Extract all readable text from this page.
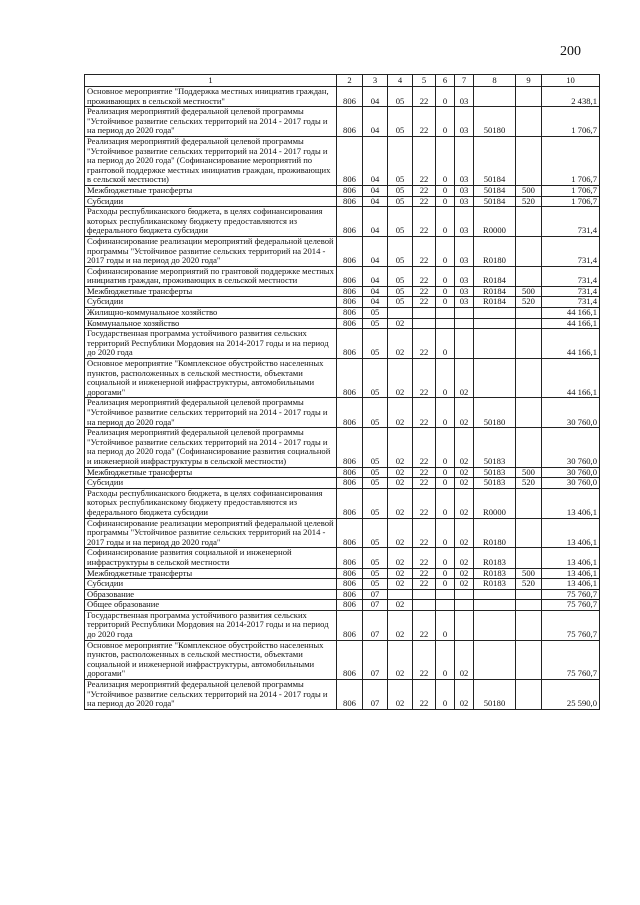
200
1	2	3	4	5	6	7	8	9	10
Основное мероприятие "Поддержка местных инициатив граждан, проживающих в сельской местности"	806	04	05	22	0	03			2 438,1
Реализация мероприятий федеральной целевой программы "Устойчивое развитие сельских территорий на 2014 - 2017 годы и на период до 2020 года"	806	04	05	22	0	03	50180		1 706,7
Реализация мероприятий федеральной целевой программы "Устойчивое развитие сельских территорий на 2014 - 2017 годы и на период до 2020 года" (Софинансирование мероприятий по грантовой поддержке местных инициатив граждан, проживающих в сельской местности)	806	04	05	22	0	03	50184		1 706,7
Межбюджетные трансферты	806	04	05	22	0	03	50184	500	1 706,7
Субсидии	806	04	05	22	0	03	50184	520	1 706,7
Расходы республиканского бюджета, в целях софинансирования которых республиканскому бюджету предоставляются из федерального бюджета субсидии	806	04	05	22	0	03	R0000		731,4
Софинансирование реализации мероприятий федеральной целевой программы "Устойчивое развитие сельских территорий на 2014 - 2017 годы и на период до 2020 года"	806	04	05	22	0	03	R0180		731,4
Софинансирование мероприятий по грантовой поддержке местных инициатив граждан, проживающих в сельской местности	806	04	05	22	0	03	R0184		731,4
Межбюджетные трансферты	806	04	05	22	0	03	R0184	500	731,4
Субсидии	806	04	05	22	0	03	R0184	520	731,4
Жилищно-коммунальное хозяйство	806	05							44 166,1
Коммунальное хозяйство	806	05	02						44 166,1
Государственная программа устойчивого развития сельских территорий Республики Мордовия на 2014-2017 годы и на период до 2020 года	806	05	02	22	0				44 166,1
Основное мероприятие "Комплексное обустройство населенных пунктов, расположенных в сельской местности, объектами социальной и инженерной инфраструктуры, автомобильными дорогами"	806	05	02	22	0	02			44 166,1
Реализация мероприятий федеральной целевой программы "Устойчивое развитие сельских территорий на 2014 - 2017 годы и на период до 2020 года"	806	05	02	22	0	02	50180		30 760,0
Реализация мероприятий федеральной целевой программы "Устойчивое развитие сельских территорий на 2014 - 2017 годы и на период до 2020 года" (Софинансирование развития социальной и инженерной инфраструктуры в сельской местности)	806	05	02	22	0	02	50183		30 760,0
Межбюджетные трансферты	806	05	02	22	0	02	50183	500	30 760,0
Субсидии	806	05	02	22	0	02	50183	520	30 760,0
Расходы республиканского бюджета, в целях софинансирования которых республиканскому бюджету предоставляются из федерального бюджета субсидии	806	05	02	22	0	02	R0000		13 406,1
Софинансирование реализации мероприятий федеральной целевой программы "Устойчивое развитие сельских территорий на 2014 - 2017 годы и на период до 2020 года"	806	05	02	22	0	02	R0180		13 406,1
Софинансирование развития социальной и инженерной инфраструктуры в сельской местности	806	05	02	22	0	02	R0183		13 406,1
Межбюджетные трансферты	806	05	02	22	0	02	R0183	500	13 406,1
Субсидии	806	05	02	22	0	02	R0183	520	13 406,1
Образование	806	07							75 760,7
Общее образование	806	07	02						75 760,7
Государственная программа устойчивого развития сельских территорий Республики Мордовия на 2014-2017 годы и на период до 2020 года	806	07	02	22	0				75 760,7
Основное мероприятие "Комплексное обустройство населенных пунктов, расположенных в сельской местности, объектами социальной и инженерной инфраструктуры, автомобильными дорогами"	806	07	02	22	0	02			75 760,7
Реализация мероприятий федеральной целевой программы "Устойчивое развитие сельских территорий на 2014 - 2017 годы и на период до 2020 года"	806	07	02	22	0	02	50180		25 590,0
